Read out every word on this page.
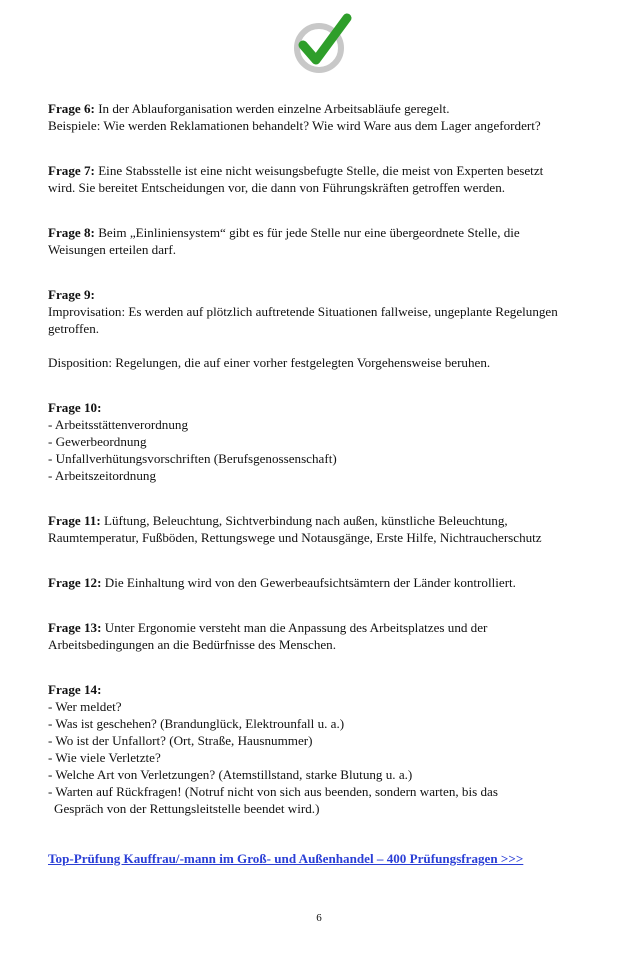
Frage 6: In der Ablauforganisation werden einzelne Arbeitsabläufe geregelt.
Beispiele: Wie werden Reklamationen behandelt? Wie wird Ware aus dem Lager angefordert?

Frage 7: Eine Stabsstelle ist eine nicht weisungsbefugte Stelle, die meist von Experten besetzt
wird. Sie bereitet Entscheidungen vor, die dann von Führungskräften getroffen werden.

Frage 8: Beim „Einliniensystem“ gibt es für jede Stelle nur eine übergeordnete Stelle, die
Weisungen erteilen darf.

Frage 9:
Improvisation: Es werden auf plötzlich auftretende Situationen fallweise, ungeplante Regelungen
getroffen.
Disposition: Regelungen, die auf einer vorher festgelegten Vorgehensweise beruhen.

Frage 10:
- Arbeitsstättenverordnung
- Gewerbeordnung
- Unfallverhütungsvorschriften (Berufsgenossenschaft)
- Arbeitszeitordnung

Frage 11: Lüftung, Beleuchtung, Sichtverbindung nach außen, künstliche Beleuchtung,
Raumtemperatur, Fußböden, Rettungswege und Notausgänge, Erste Hilfe, Nichtraucherschutz

Frage 12: Die Einhaltung wird von den Gewerbeaufsichtsämtern der Länder kontrolliert.

Frage 13: Unter Ergonomie versteht man die Anpassung des Arbeitsplatzes und der
Arbeitsbedingungen an die Bedürfnisse des Menschen.

Frage 14:
- Wer meldet?
- Was ist geschehen? (Brandunglück, Elektrounfall u. a.)
- Wo ist der Unfallort? (Ort, Straße, Hausnummer)
- Wie viele Verletzte?
- Welche Art von Verletzungen? (Atemstillstand, starke Blutung u. a.)
- Warten auf Rückfragen! (Notruf nicht von sich aus beenden, sondern warten, bis das
Gespräch von der Rettungsleitstelle beendet wird.)

Top-Prüfung Kauffrau/-mann im Groß- und Außenhandel – 400 Prüfungsfragen >>>
6
